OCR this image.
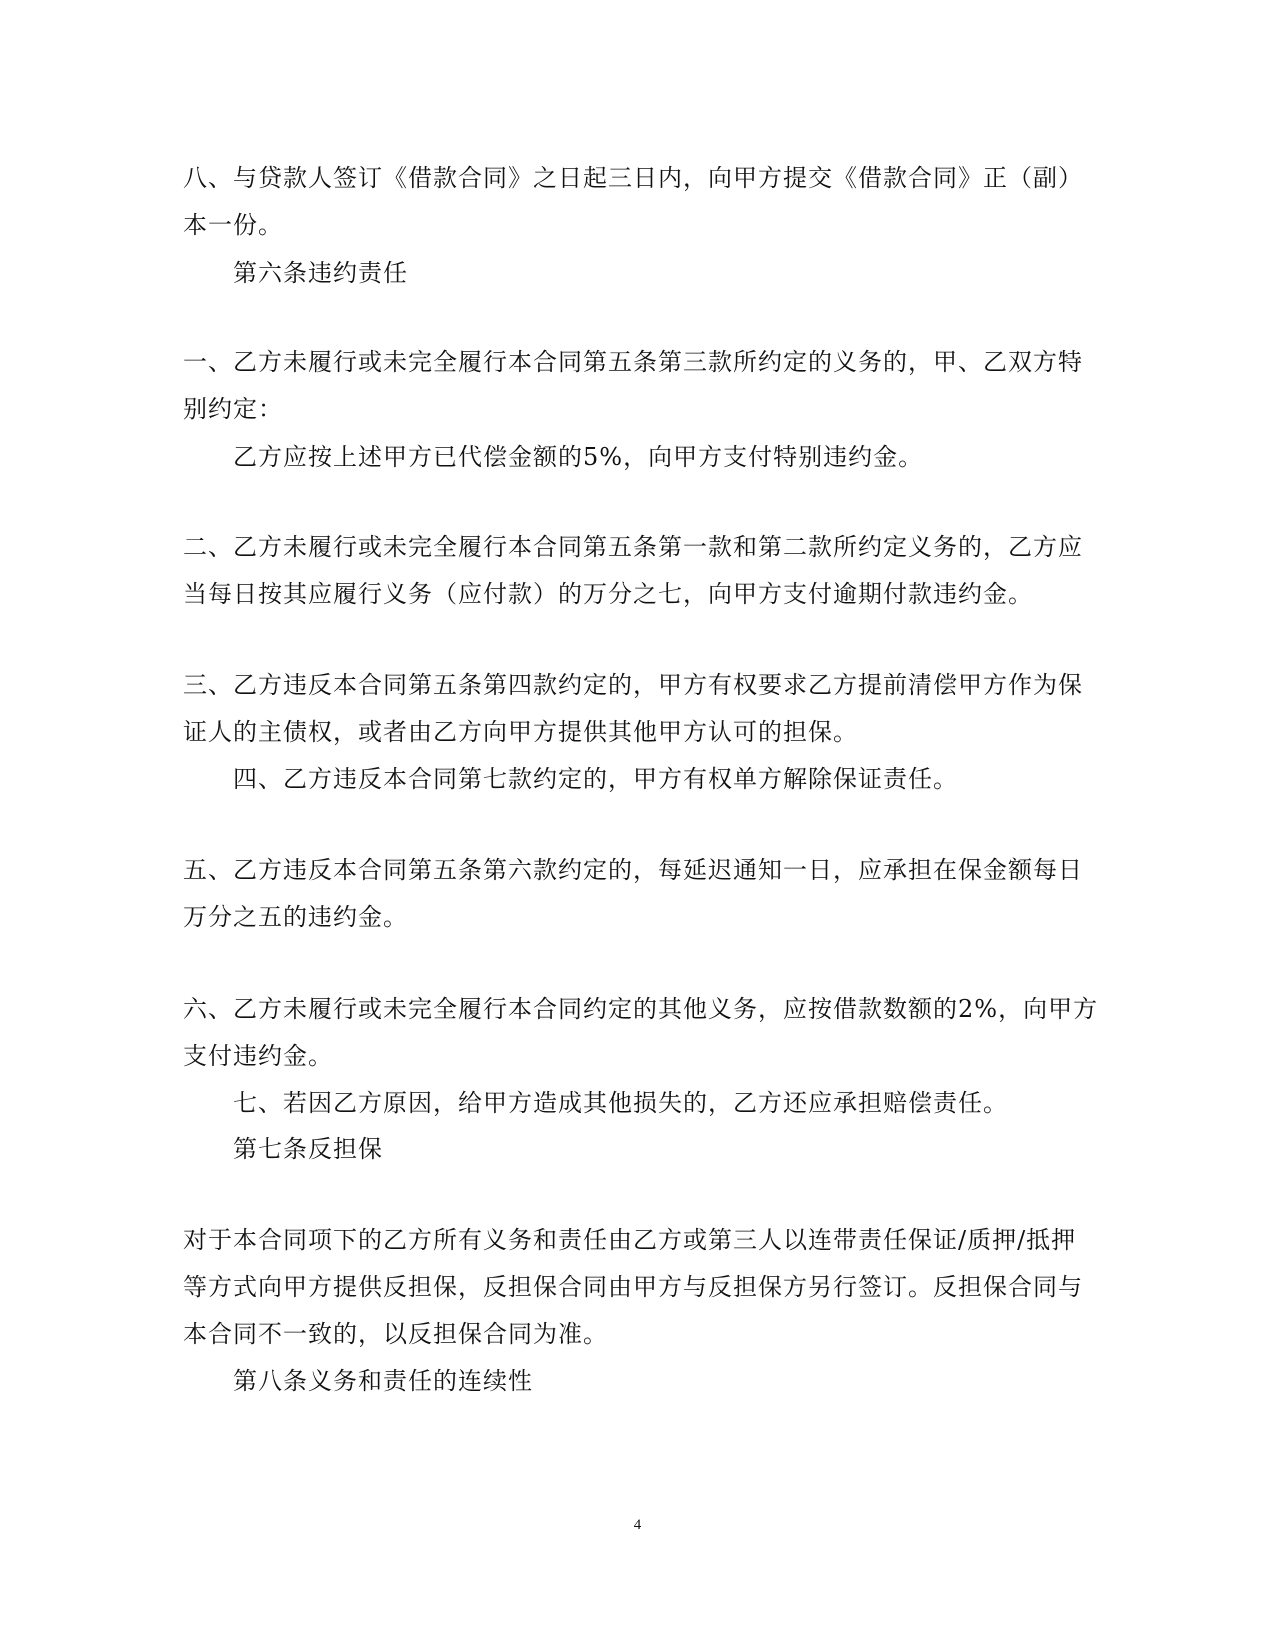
八、与贷款人签订《借款合同》之日起三日内，向甲方提交《借款合同》正（副）
本一份。
第六条违约责任
一、乙方未履行或未完全履行本合同第五条第三款所约定的义务的，甲、乙双方特
别约定：
乙方应按上述甲方已代偿金额的5%，向甲方支付特别违约金。
二、乙方未履行或未完全履行本合同第五条第一款和第二款所约定义务的，乙方应
当每日按其应履行义务（应付款）的万分之七，向甲方支付逾期付款违约金。
三、乙方违反本合同第五条第四款约定的，甲方有权要求乙方提前清偿甲方作为保
证人的主债权，或者由乙方向甲方提供其他甲方认可的担保。
四、乙方违反本合同第七款约定的，甲方有权单方解除保证责任。
五、乙方违反本合同第五条第六款约定的，每延迟通知一日，应承担在保金额每日
万分之五的违约金。
六、乙方未履行或未完全履行本合同约定的其他义务，应按借款数额的2%，向甲方
支付违约金。
七、若因乙方原因，给甲方造成其他损失的，乙方还应承担赔偿责任。
第七条反担保
对于本合同项下的乙方所有义务和责任由乙方或第三人以连带责任保证/质押/抵押
等方式向甲方提供反担保，反担保合同由甲方与反担保方另行签订。反担保合同与
本合同不一致的，以反担保合同为准。
第八条义务和责任的连续性
4
